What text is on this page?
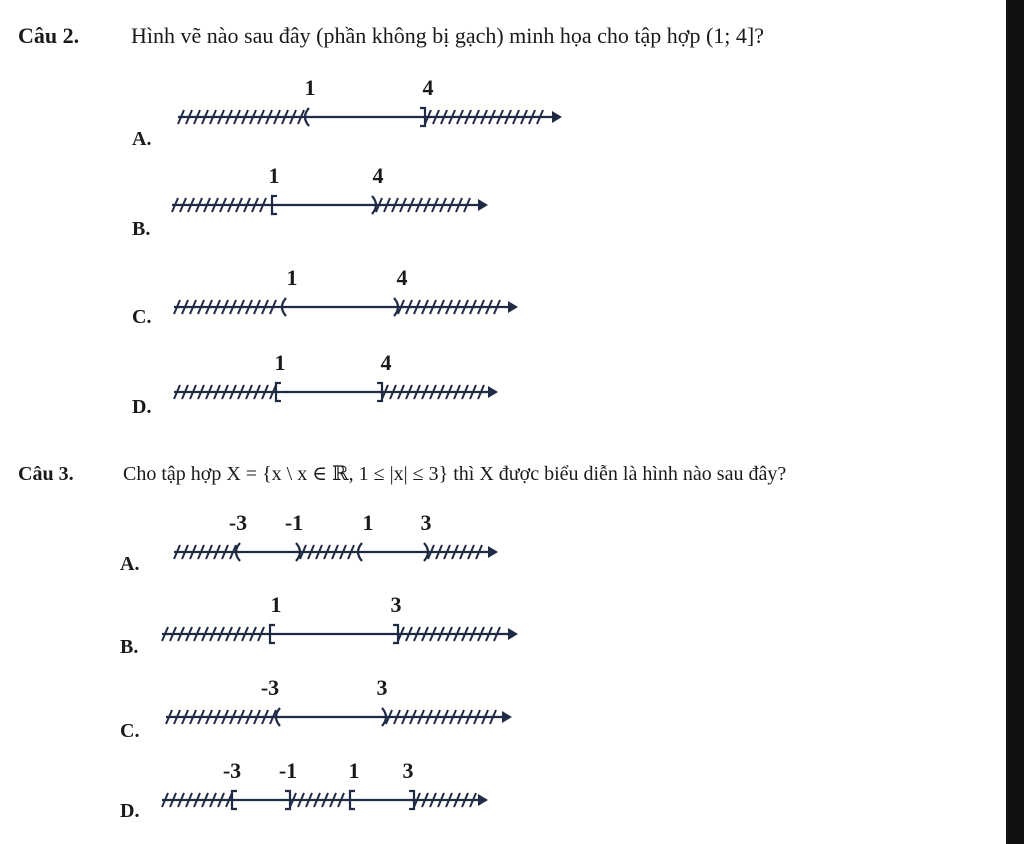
Câu 2. Hình vẽ nào sau đây (phần không bị gạch) minh họa cho tập hợp (1; 4]?
A.
1	4
B.
1	4
C.
1	4
D.
1	4
Câu 3. Cho tập hợp X = {x \ x ∈ ℝ, 1 ≤ |x| ≤ 3} thì X được biểu diễn là hình nào sau đây?
A.
-3 -1	1 3
B.
1	3
C.
-3	3
D.
-3 -1 1 3
